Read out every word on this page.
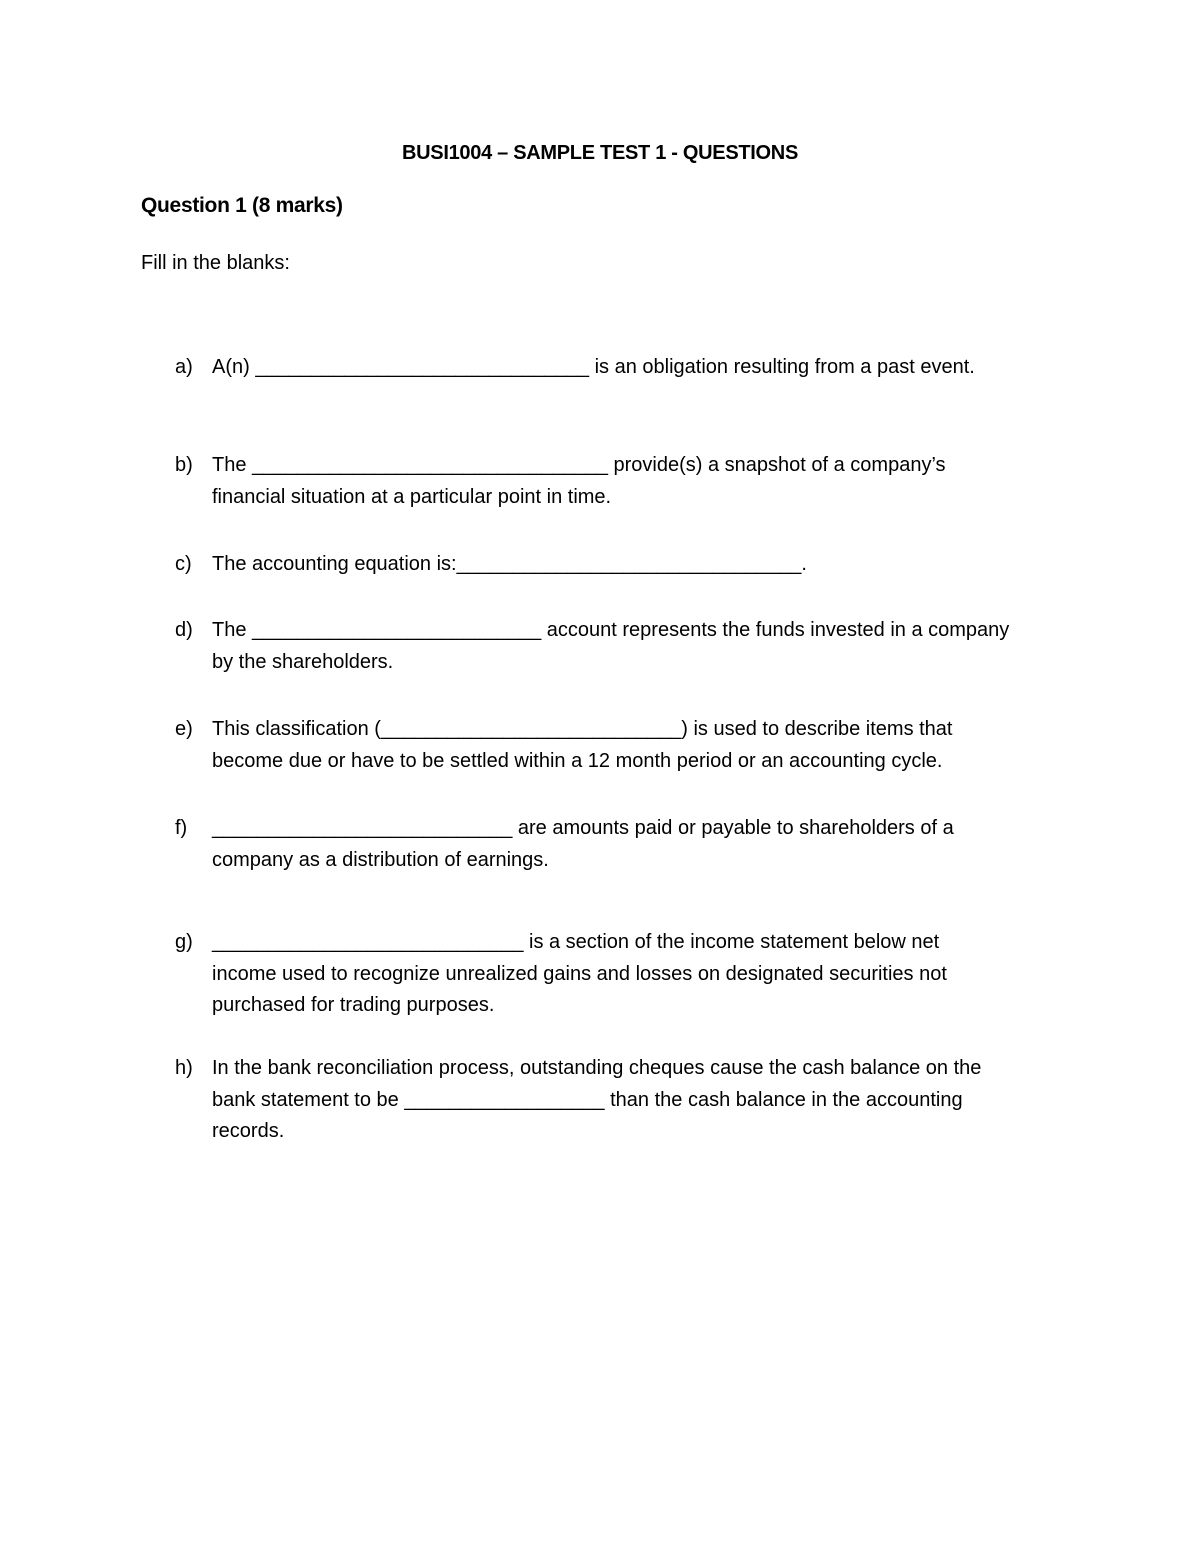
BUSI1004 – SAMPLE TEST 1 - QUESTIONS
Question 1 (8 marks)
Fill in the blanks:
a) A(n) ______________________________ is an obligation resulting from a past event.
b) The ________________________________ provide(s) a snapshot of a company’s
financial situation at a particular point in time.
c) The accounting equation is:_______________________________.
d) The __________________________ account represents the funds invested in a company
by the shareholders.
e) This classification (___________________________) is used to describe items that
become due or have to be settled within a 12 month period or an accounting cycle.
f) ___________________________ are amounts paid or payable to shareholders of a
company as a distribution of earnings.
g) ____________________________ is a section of the income statement below net
income used to recognize unrealized gains and losses on designated securities not
purchased for trading purposes.
h) In the bank reconciliation process, outstanding cheques cause the cash balance on the
bank statement to be __________________ than the cash balance in the accounting
records.
